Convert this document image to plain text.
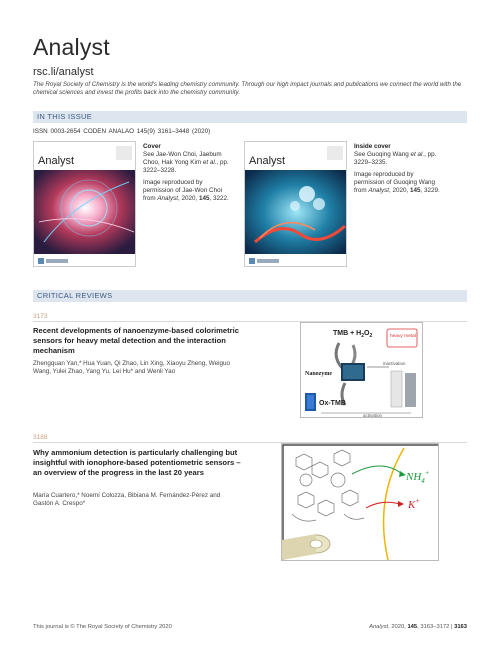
Analyst
rsc.li/analyst
The Royal Society of Chemistry is the world's leading chemistry community. Through our high impact journals and publications we connect the world with the chemical sciences and invest the profits back into the chemistry community.
IN THIS ISSUE
ISSN 0003-2654 CODEN ANALAO 145(9) 3161–3448 (2020)
Analyst

Cover
See Jae-Won Choi, Jaebum Choo, Hak Yong Kim et al., pp. 3222–3228.

Image reproduced by permission of Jae-Won Choi from Analyst, 2020, 145, 3222.

Analyst

Inside cover
See Guoqing Wang et al., pp. 3229–3235.

Image reproduced by permission of Guoqing Wang from Analyst, 2020, 145, 3229.

CRITICAL REVIEWS
3173
Recent developments of nanoenzyme-based colorimetric sensors for heavy metal detection and the interaction mechanism
Zhengquan Yan,* Hua Yuan, Qi Zhao, Lin Xing, Xiaoyu Zheng, Weiguo Wang, Yulei Zhao, Yang Yu, Lei Hu* and Wenli Yao
TMB + $H_2O_2$	heavy metal
Nanozyme
Ox-TMB
inactivation
activation
3188
Why ammonium detection is particularly challenging but insightful with ionophore-based potentiometric sensors – an overview of the progress in the last 20 years
María Cuartero,* Noemí Colozza, Bibiana M. Fernández-Pérez and Gastón A. Crespo*
$NH_4^+$
K+
This journal is © The Royal Society of Chemistry 2020	Analyst, 2020, 145, 3163–3172 | 3163
